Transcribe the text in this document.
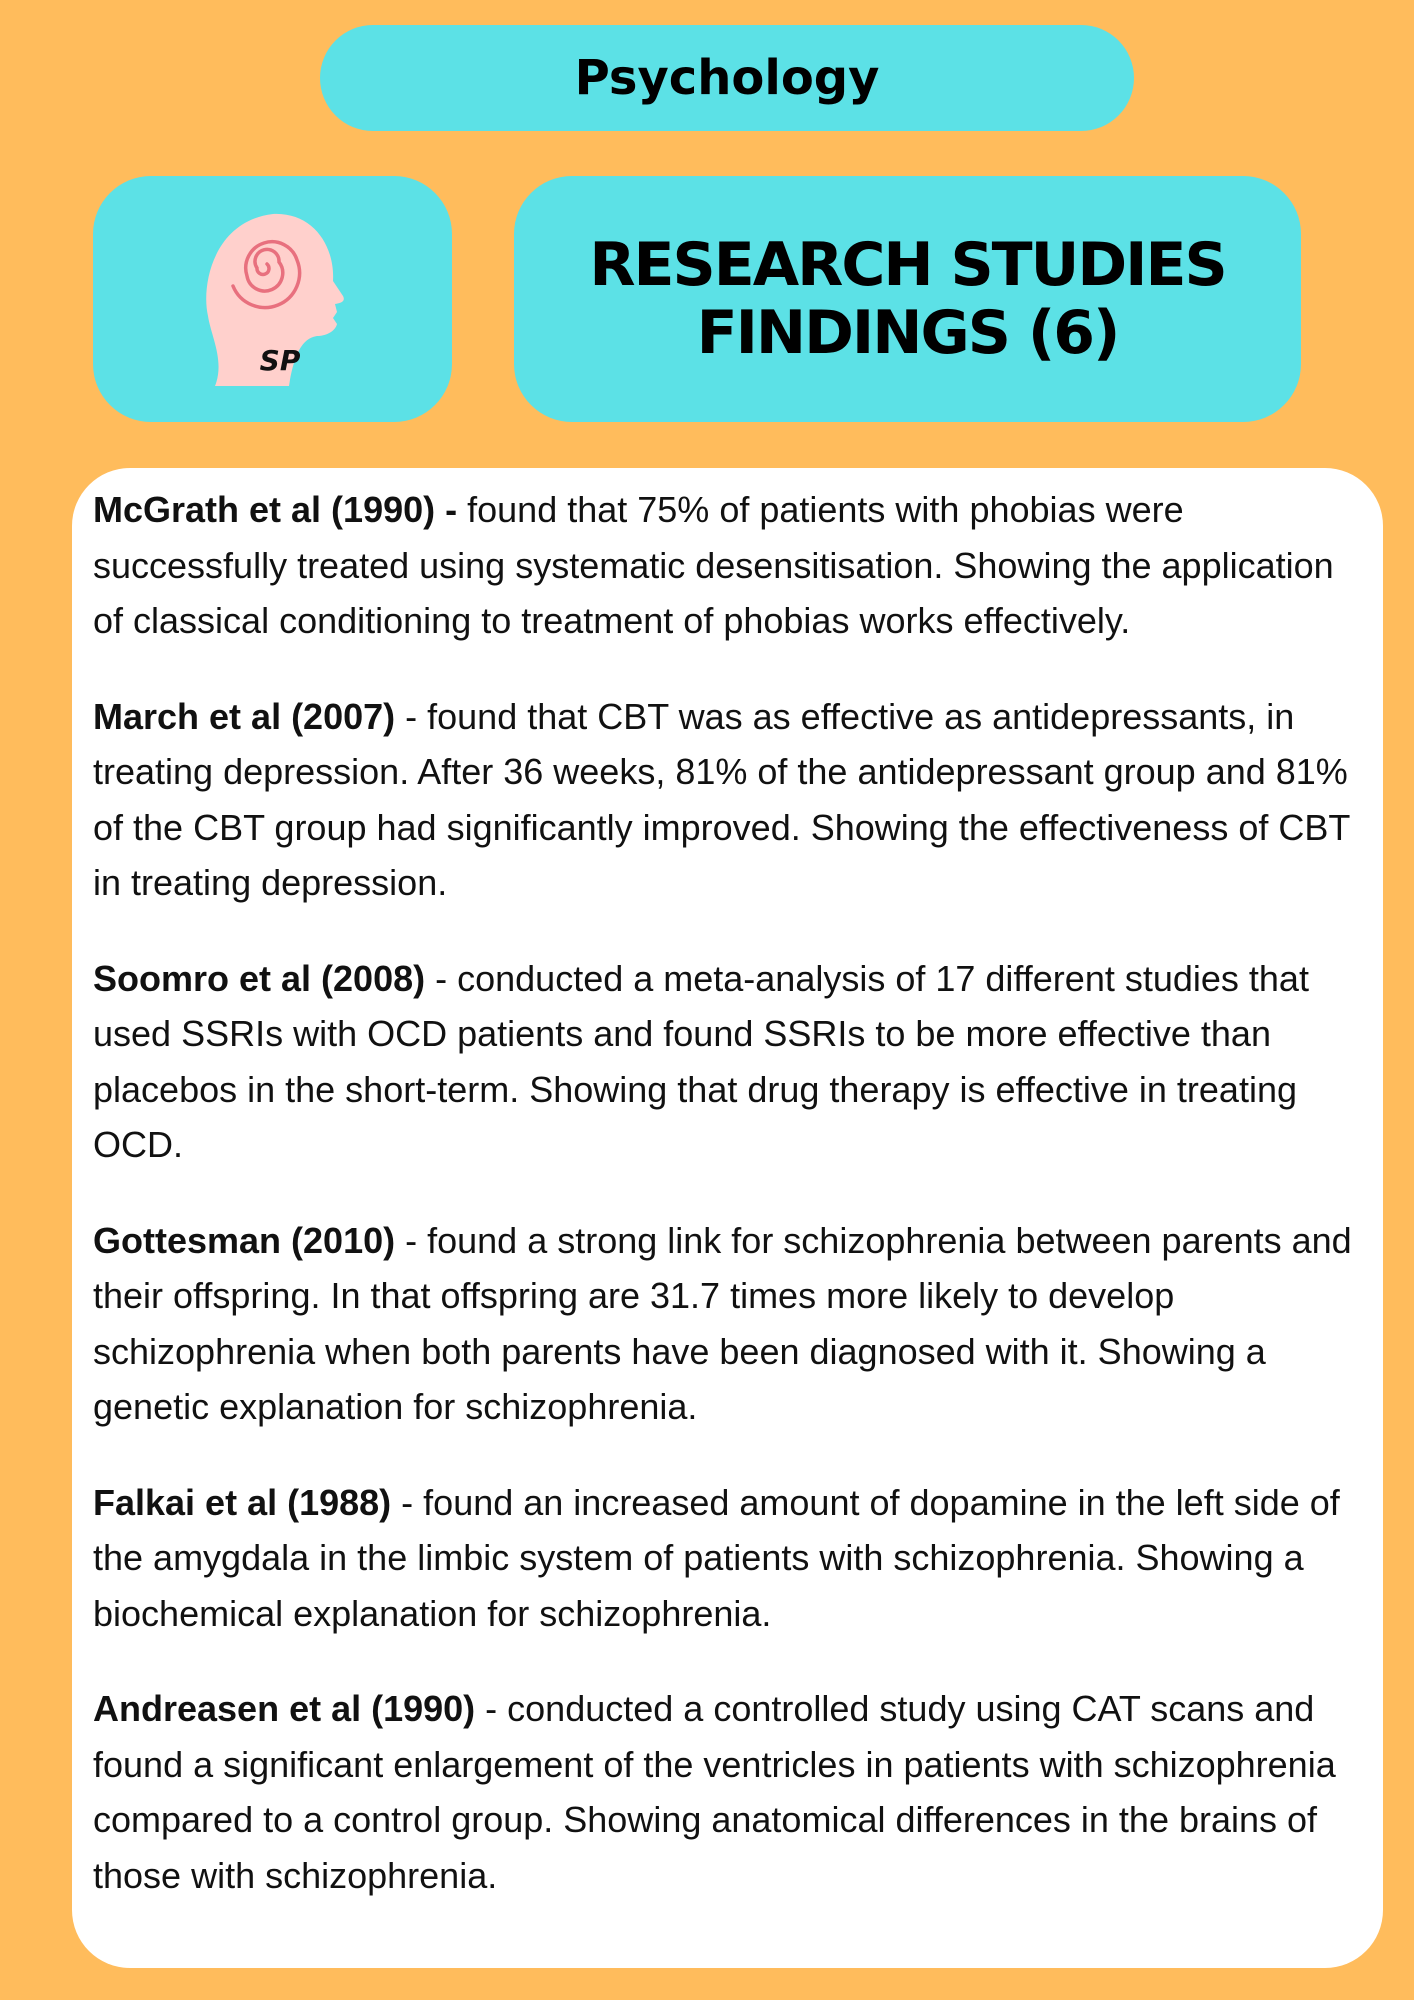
Psychology
SP
RESEARCH STUDIES
FINDINGS (6)

McGrath et al (1990) - found that 75% of patients with phobias were successfully treated using systematic desensitisation. Showing the application of classical conditioning to treatment of phobias works effectively.

March et al (2007) - found that CBT was as effective as antidepressants, in treating depression. After 36 weeks, 81% of the antidepressant group and 81% of the CBT group had significantly improved. Showing the effectiveness of CBT in treating depression.

Soomro et al (2008) - conducted a meta-analysis of 17 different studies that used SSRIs with OCD patients and found SSRIs to be more effective than placebos in the short-term. Showing that drug therapy is effective in treating OCD.

Gottesman (2010) - found a strong link for schizophrenia between parents and their offspring. In that offspring are 31.7 times more likely to develop schizophrenia when both parents have been diagnosed with it. Showing a genetic explanation for schizophrenia.

Falkai et al (1988) - found an increased amount of dopamine in the left side of the amygdala in the limbic system of patients with schizophrenia. Showing a biochemical explanation for schizophrenia.

Andreasen et al (1990) - conducted a controlled study using CAT scans and found a significant enlargement of the ventricles in patients with schizophrenia compared to a control group. Showing anatomical differences in the brains of those with schizophrenia.
